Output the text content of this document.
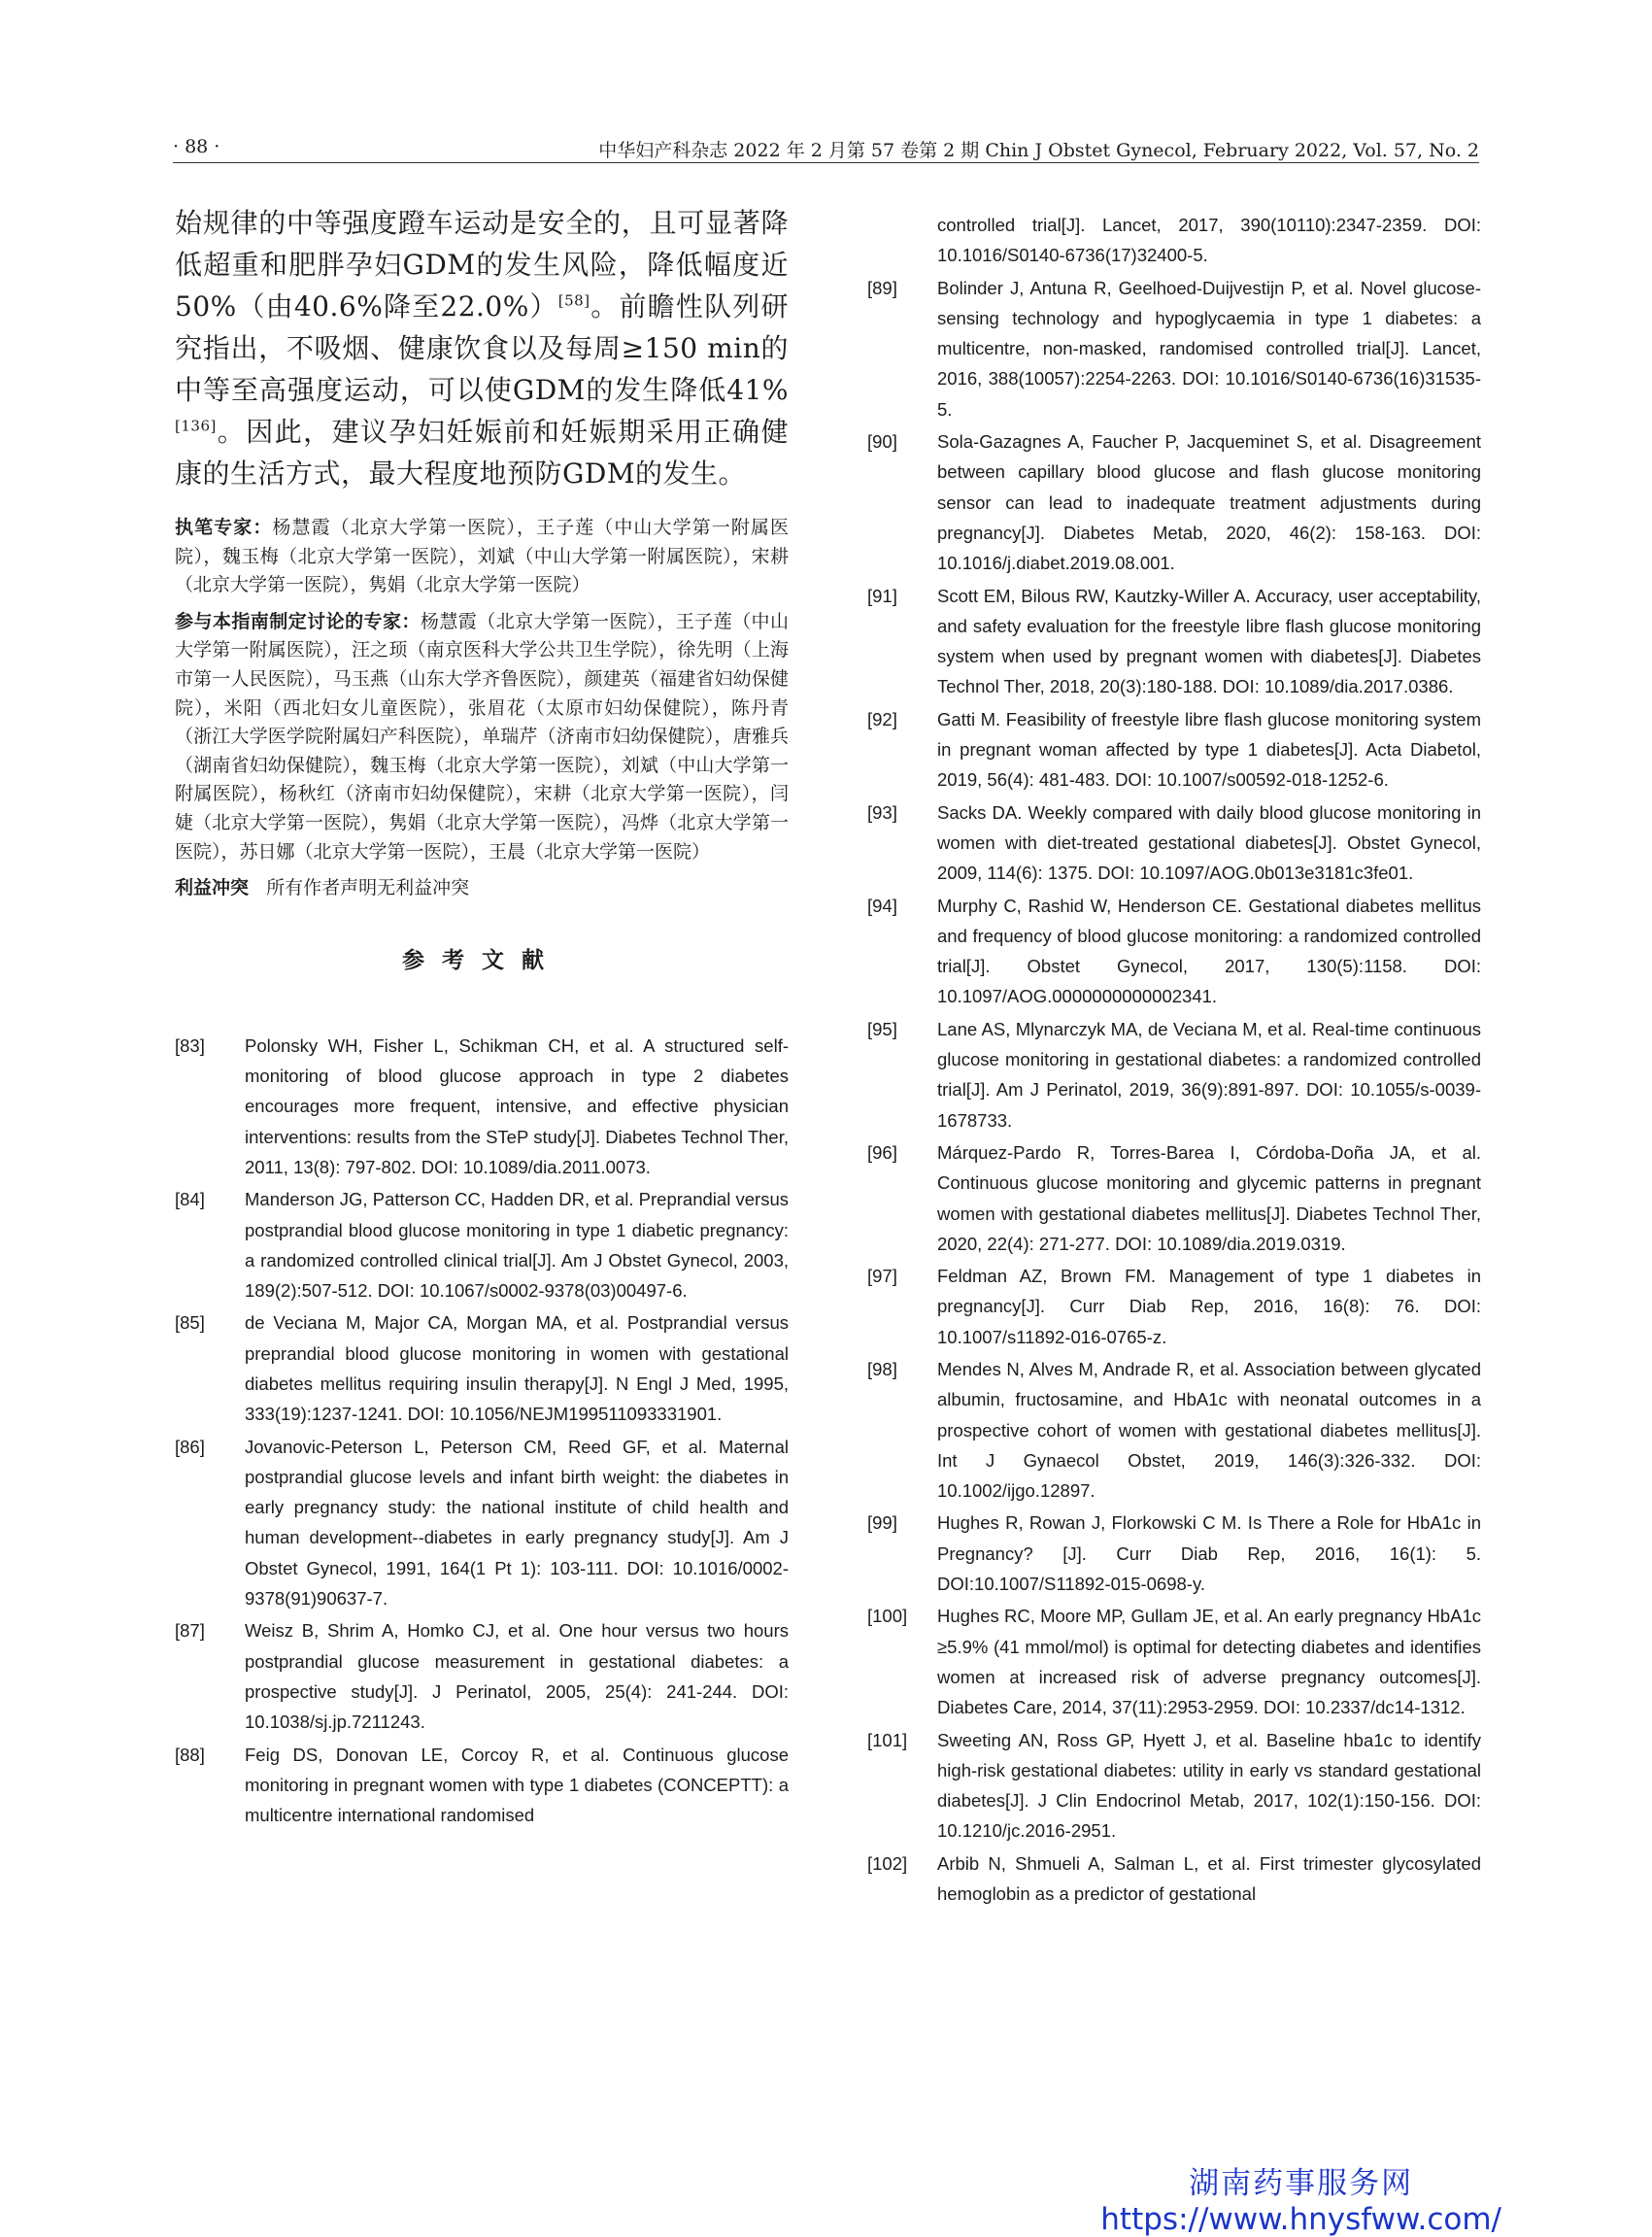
· 88 ·	中华妇产科杂志 2022 年 2 月第 57 卷第 2 期 Chin J Obstet Gynecol, February 2022, Vol. 57, No. 2

始规律的中等强度蹬车运动是安全的，且可显著降低超重和肥胖孕妇GDM的发生风险，降低幅度近50%（由40.6%降至22.0%）[58]。前瞻性队列研究指出，不吸烟、健康饮食以及每周≥150 min的中等至高强度运动，可以使GDM的发生降低41%[136]。因此，建议孕妇妊娠前和妊娠期采用正确健康的生活方式，最大程度地预防GDM的发生。

执笔专家：杨慧霞（北京大学第一医院），王子莲（中山大学第一附属医院），魏玉梅（北京大学第一医院），刘斌（中山大学第一附属医院），宋耕（北京大学第一医院），隽娟（北京大学第一医院）

参与本指南制定讨论的专家：杨慧霞（北京大学第一医院），王子莲（中山大学第一附属医院），汪之顼（南京医科大学公共卫生学院），徐先明（上海市第一人民医院），马玉燕（山东大学齐鲁医院），颜建英（福建省妇幼保健院），米阳（西北妇女儿童医院），张眉花（太原市妇幼保健院），陈丹青（浙江大学医学院附属妇产科医院），单瑞芹（济南市妇幼保健院），唐雅兵（湖南省妇幼保健院），魏玉梅（北京大学第一医院），刘斌（中山大学第一附属医院），杨秋红（济南市妇幼保健院），宋耕（北京大学第一医院），闫婕（北京大学第一医院），隽娟（北京大学第一医院），冯烨（北京大学第一医院），苏日娜（北京大学第一医院），王晨（北京大学第一医院）

利益冲突 所有作者声明无利益冲突

参考文献
[83]	Polonsky WH, Fisher L, Schikman CH, et al. A structured self-monitoring of blood glucose approach in type 2 diabetes encourages more frequent, intensive, and effective physician interventions: results from the STeP study[J]. Diabetes Technol Ther, 2011, 13(8): 797-802. DOI: 10.1089/dia.2011.0073.
[84]	Manderson JG, Patterson CC, Hadden DR, et al. Preprandial versus postprandial blood glucose monitoring in type 1 diabetic pregnancy: a randomized controlled clinical trial[J]. Am J Obstet Gynecol, 2003, 189(2):507-512. DOI: 10.1067/s0002-9378(03)00497-6.
[85]	de Veciana M, Major CA, Morgan MA, et al. Postprandial versus preprandial blood glucose monitoring in women with gestational diabetes mellitus requiring insulin therapy[J]. N Engl J Med, 1995, 333(19):1237-1241. DOI: 10.1056/NEJM199511093331901.
[86]	Jovanovic-Peterson L, Peterson CM, Reed GF, et al. Maternal postprandial glucose levels and infant birth weight: the diabetes in early pregnancy study: the national institute of child health and human development--diabetes in early pregnancy study[J]. Am J Obstet Gynecol, 1991, 164(1 Pt 1): 103-111. DOI: 10.1016/0002-9378(91)90637-7.
[87]	Weisz B, Shrim A, Homko CJ, et al. One hour versus two hours postprandial glucose measurement in gestational diabetes: a prospective study[J]. J Perinatol, 2005, 25(4): 241-244. DOI: 10.1038/sj.jp.7211243.
[88]	Feig DS, Donovan LE, Corcoy R, et al. Continuous glucose monitoring in pregnant women with type 1 diabetes (CONCEPTT): a multicentre international randomised
controlled trial[J]. Lancet, 2017, 390(10110):2347-2359. DOI: 10.1016/S0140-6736(17)32400-5.
[89]	Bolinder J, Antuna R, Geelhoed-Duijvestijn P, et al. Novel glucose-sensing technology and hypoglycaemia in type 1 diabetes: a multicentre, non-masked, randomised controlled trial[J]. Lancet, 2016, 388(10057):2254-2263. DOI: 10.1016/S0140-6736(16)31535-5.
[90]	Sola-Gazagnes A, Faucher P, Jacqueminet S, et al. Disagreement between capillary blood glucose and flash glucose monitoring sensor can lead to inadequate treatment adjustments during pregnancy[J]. Diabetes Metab, 2020, 46(2): 158-163. DOI: 10.1016/j.diabet.2019.08.001.
[91]	Scott EM, Bilous RW, Kautzky-Willer A. Accuracy, user acceptability, and safety evaluation for the freestyle libre flash glucose monitoring system when used by pregnant women with diabetes[J]. Diabetes Technol Ther, 2018, 20(3):180-188. DOI: 10.1089/dia.2017.0386.
[92]	Gatti M. Feasibility of freestyle libre flash glucose monitoring system in pregnant woman affected by type 1 diabetes[J]. Acta Diabetol, 2019, 56(4): 481-483. DOI: 10.1007/s00592-018-1252-6.
[93]	Sacks DA. Weekly compared with daily blood glucose monitoring in women with diet-treated gestational diabetes[J]. Obstet Gynecol, 2009, 114(6): 1375. DOI: 10.1097/AOG.0b013e3181c3fe01.
[94]	Murphy C, Rashid W, Henderson CE. Gestational diabetes mellitus and frequency of blood glucose monitoring: a randomized controlled trial[J]. Obstet Gynecol, 2017, 130(5):1158. DOI: 10.1097/AOG.0000000000002341.
[95]	Lane AS, Mlynarczyk MA, de Veciana M, et al. Real-time continuous glucose monitoring in gestational diabetes: a randomized controlled trial[J]. Am J Perinatol, 2019, 36(9):891-897. DOI: 10.1055/s-0039-1678733.
[96]	Márquez-Pardo R, Torres-Barea I, Córdoba-Doña JA, et al. Continuous glucose monitoring and glycemic patterns in pregnant women with gestational diabetes mellitus[J]. Diabetes Technol Ther, 2020, 22(4): 271-277. DOI: 10.1089/dia.2019.0319.
[97]	Feldman AZ, Brown FM. Management of type 1 diabetes in pregnancy[J]. Curr Diab Rep, 2016, 16(8): 76. DOI: 10.1007/s11892-016-0765-z.
[98]	Mendes N, Alves M, Andrade R, et al. Association between glycated albumin, fructosamine, and HbA1c with neonatal outcomes in a prospective cohort of women with gestational diabetes mellitus[J]. Int J Gynaecol Obstet, 2019, 146(3):326-332. DOI: 10.1002/ijgo.12897.
[99]	Hughes R, Rowan J, Florkowski C M. Is There a Role for HbA1c in Pregnancy? [J]. Curr Diab Rep, 2016, 16(1): 5. DOI:10.1007/S11892-015-0698-y.
[100]	Hughes RC, Moore MP, Gullam JE, et al. An early pregnancy HbA1c ≥5.9% (41 mmol/mol) is optimal for detecting diabetes and identifies women at increased risk of adverse pregnancy outcomes[J]. Diabetes Care, 2014, 37(11):2953-2959. DOI: 10.2337/dc14-1312.
[101]	Sweeting AN, Ross GP, Hyett J, et al. Baseline hba1c to identify high-risk gestational diabetes: utility in early vs standard gestational diabetes[J]. J Clin Endocrinol Metab, 2017, 102(1):150-156. DOI: 10.1210/jc.2016-2951.
[102]	Arbib N, Shmueli A, Salman L, et al. First trimester glycosylated hemoglobin as a predictor of gestational
湖南药事服务网
https://www.hnysfww.com/
